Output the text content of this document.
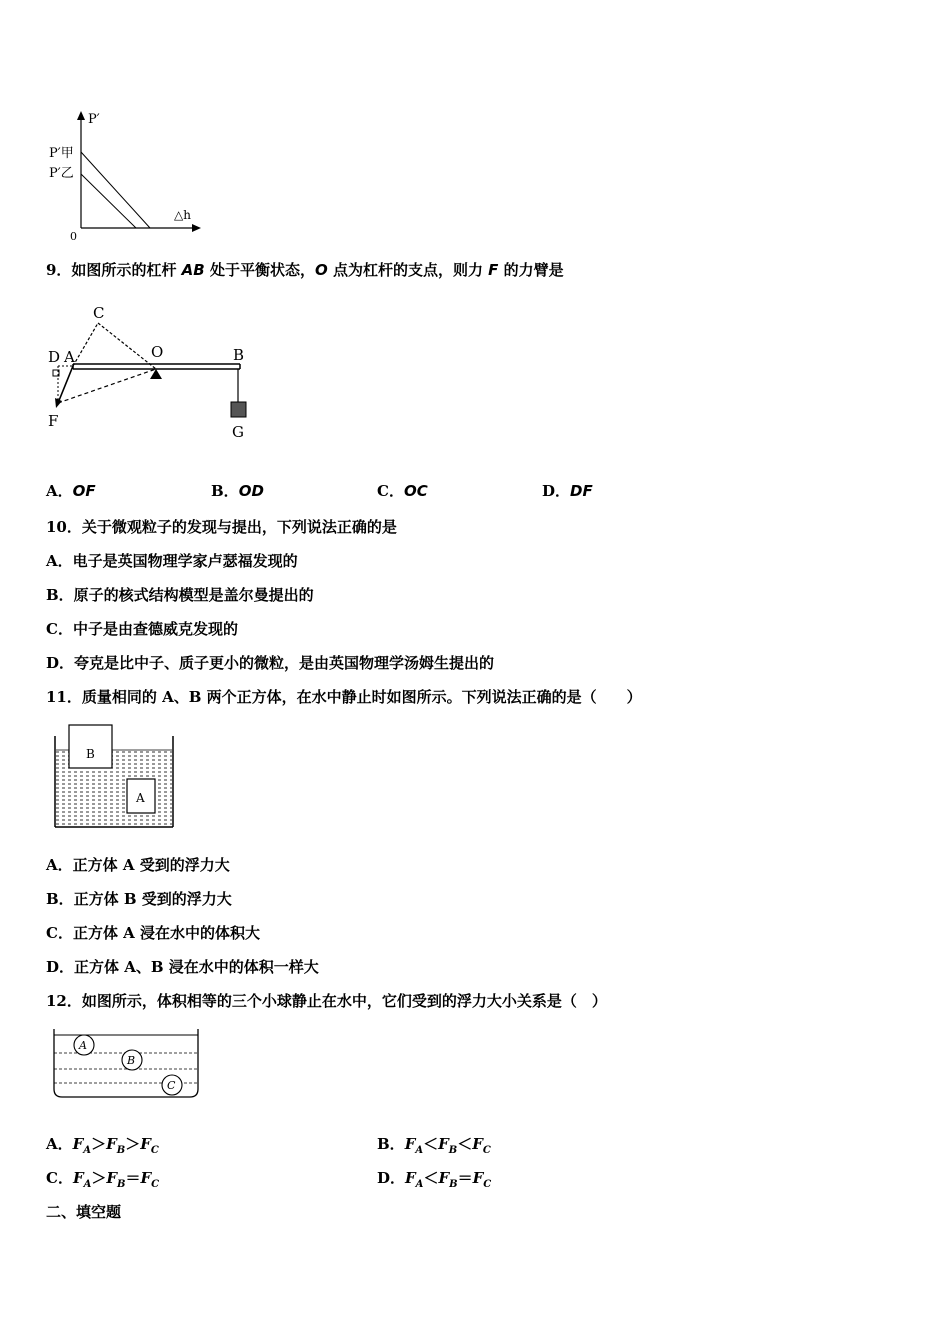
P′
P′甲
P′乙
△h
0
9．如图所示的杠杆 AB 处于平衡状态，O 点为杠杆的支点，则力 F 的力臂是
C
D A	O	B
F
G
A．OF	B．OD	C．OC	D．DF
10．关于微观粒子的发现与提出，下列说法正确的是
A．电子是英国物理学家卢瑟福发现的
B．原子的核式结构模型是盖尔曼提出的
C．中子是由查德威克发现的
D．夸克是比中子、质子更小的微粒，是由英国物理学汤姆生提出的
11．质量相同的 A、B 两个正方体，在水中静止时如图所示。下列说法正确的是（　　）
B
A
A．正方体 A 受到的浮力大
B．正方体 B 受到的浮力大
C．正方体 A 浸在水中的体积大
D．正方体 A、B 浸在水中的体积一样大
12．如图所示，体积相等的三个小球静止在水中，它们受到的浮力大小关系是（　）
A
B
C
A．$F_A>F_B>F_C$	B．$F_A<F_B<F_C$
C．$F_A>F_B=F_C$	D．$F_A<F_B=F_C$
二、填空题
